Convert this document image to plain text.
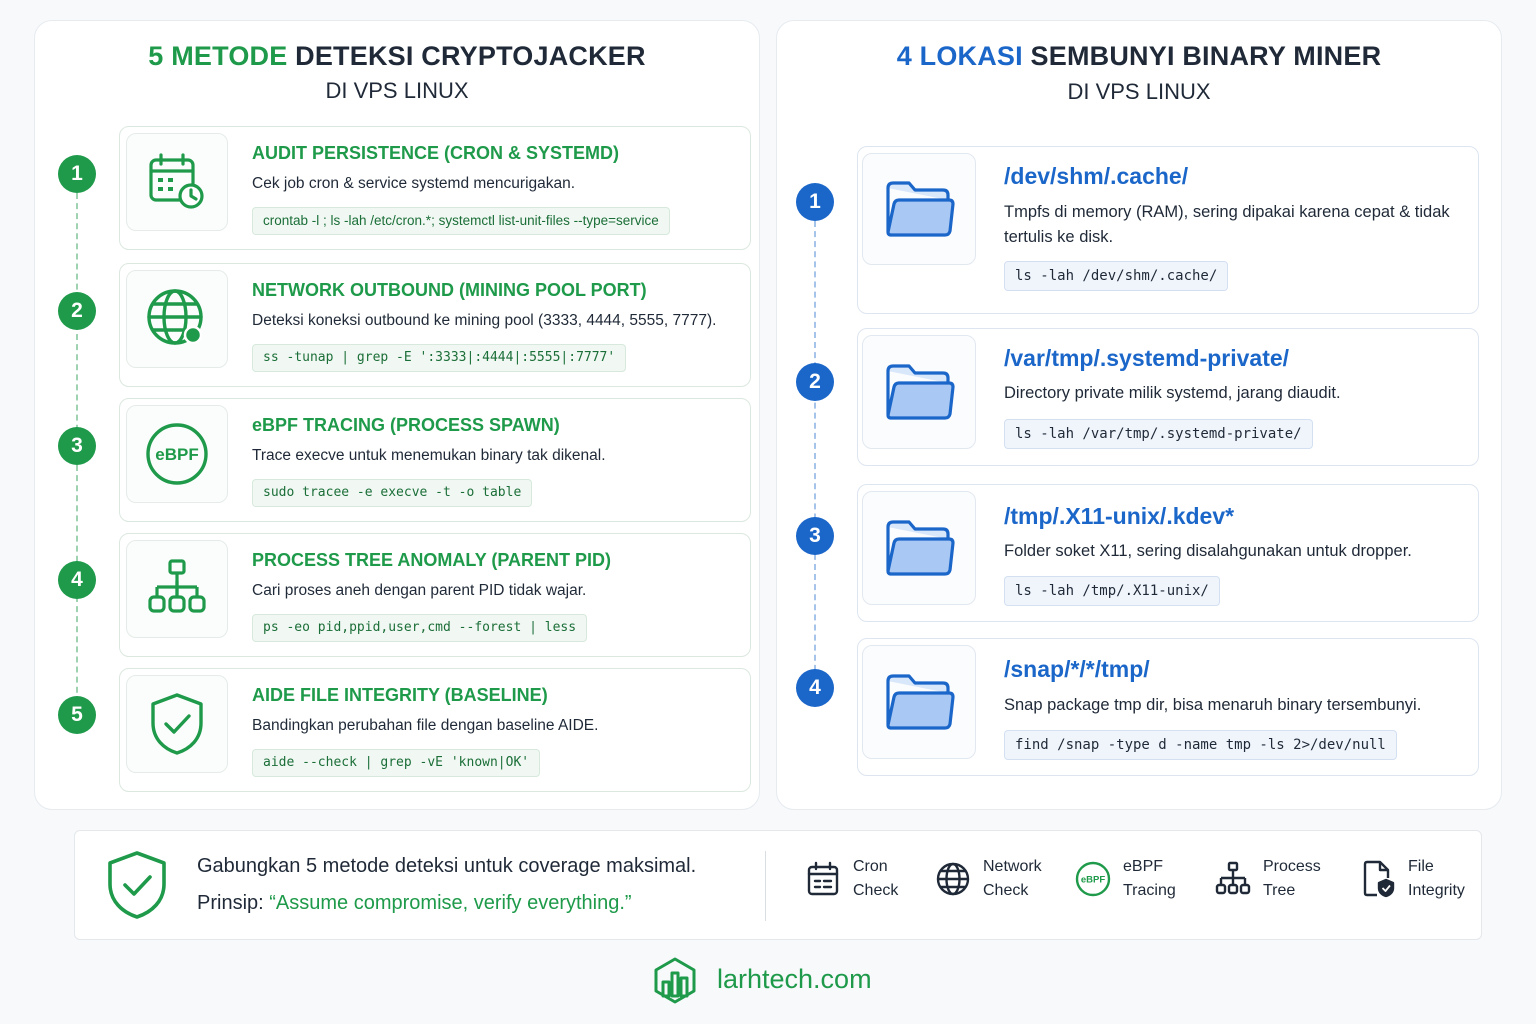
5 METODE DETEKSI CRYPTOJACKER
DI VPS LINUX
1
AUDIT PERSISTENCE (CRON & SYSTEMD)
Cek job cron & service systemd mencurigakan.
crontab -l ; ls -lah /etc/cron.*; systemctl list-unit-files --type=service
2
NETWORK OUTBOUND (MINING POOL PORT)
Deteksi koneksi outbound ke mining pool (3333, 4444, 5555, 7777).
ss -tunap | grep -E ':3333|:4444|:5555|:7777'
3	eBPF
eBPF TRACING (PROCESS SPAWN)
Trace execve untuk menemukan binary tak dikenal.
sudo tracee -e execve -t -o table
4
PROCESS TREE ANOMALY (PARENT PID)
Cari proses aneh dengan parent PID tidak wajar.
ps -eo pid,ppid,user,cmd --forest | less
5
AIDE FILE INTEGRITY (BASELINE)
Bandingkan perubahan file dengan baseline AIDE.
aide --check | grep -vE 'known|OK'
4 LOKASI SEMBUNYI BINARY MINER
DI VPS LINUX
1
/dev/shm/.cache/
Tmpfs di memory (RAM), sering dipakai karena cepat & tidak tertulis ke disk.
ls -lah /dev/shm/.cache/
2
/var/tmp/.systemd-private/
Directory private milik systemd, jarang diaudit.
ls -lah /var/tmp/.systemd-private/
3
/tmp/.X11-unix/.kdev*
Folder soket X11, sering disalahgunakan untuk dropper.
ls -lah /tmp/.X11-unix/
4
/snap/*/*/tmp/
Snap package tmp dir, bisa menaruh binary tersembunyi.
find /snap -type d -name tmp -ls 2>/dev/null
Gabungkan 5 metode deteksi untuk coverage maksimal.
Prinsip: “Assume compromise, verify everything.”
Cron
Check
Network
Check
eBPF
eBPF
Tracing
Process
Tree
File
Integrity
larhtech.com
